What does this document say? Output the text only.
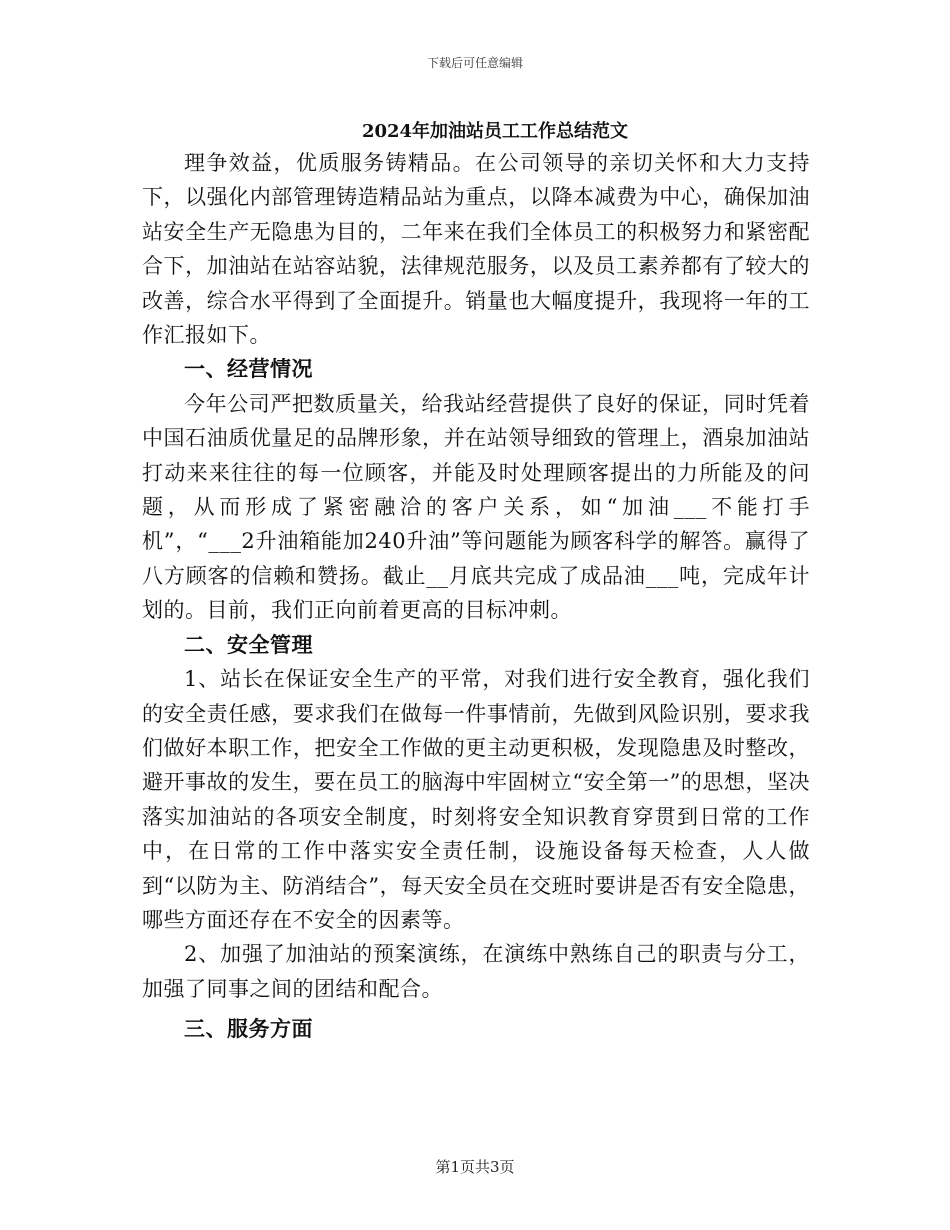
下载后可任意编辑
2024年加油站员工工作总结范文

理争效益，优质服务铸精品。在公司领导的亲切关怀和大力支持下，以强化内部管理铸造精品站为重点，以降本减费为中心，确保加油站安全生产无隐患为目的，二年来在我们全体员工的积极努力和紧密配合下，加油站在站容站貌，法律规范服务，以及员工素养都有了较大的改善，综合水平得到了全面提升。销量也大幅度提升，我现将一年的工作汇报如下。

一、经营情况

今年公司严把数质量关，给我站经营提供了良好的保证，同时凭着中国石油质优量足的品牌形象，并在站领导细致的管理上，酒泉加油站打动来来往往的每一位顾客，并能及时处理顾客提出的力所能及的问题，从而形成了紧密融洽的客户关系，如“加油___不能打手机”，“___2升油箱能加240升油”等问题能为顾客科学的解答。赢得了八方顾客的信赖和赞扬。截止__月底共完成了成品油___吨，完成年计划的。目前，我们正向前着更高的目标冲刺。

二、安全管理

1、站长在保证安全生产的平常，对我们进行安全教育，强化我们的安全责任感，要求我们在做每一件事情前，先做到风险识别，要求我们做好本职工作，把安全工作做的更主动更积极，发现隐患及时整改，避开事故的发生，要在员工的脑海中牢固树立“安全第一”的思想，坚决落实加油站的各项安全制度，时刻将安全知识教育穿贯到日常的工作中，在日常的工作中落实安全责任制，设施设备每天检查，人人做到“以防为主、防消结合”，每天安全员在交班时要讲是否有安全隐患，哪些方面还存在不安全的因素等。

2、加强了加油站的预案演练，在演练中熟练自己的职责与分工，加强了同事之间的团结和配合。

三、服务方面

第1页共3页
